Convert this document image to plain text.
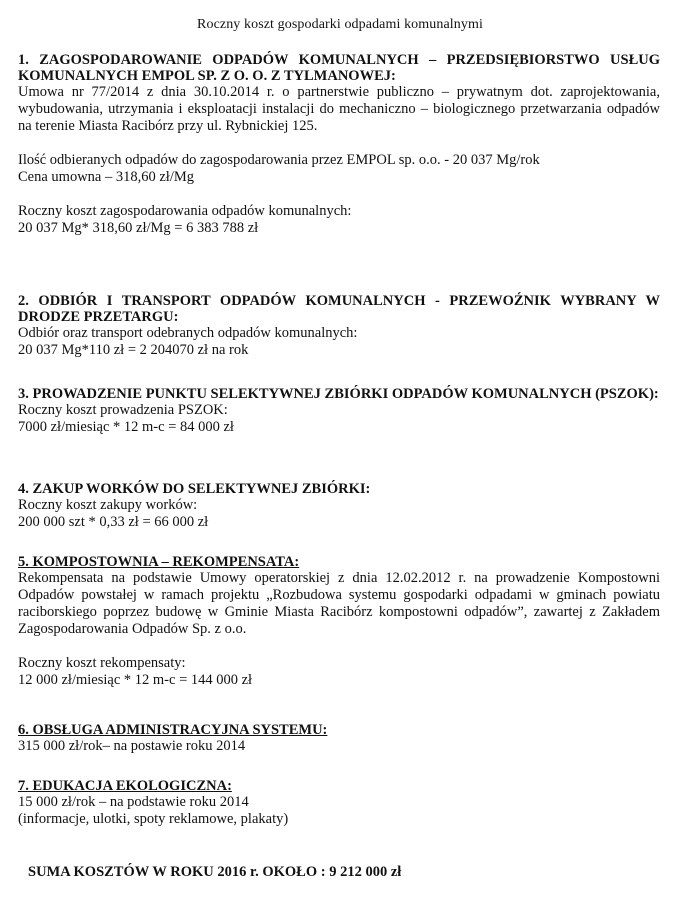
Roczny koszt gospodarki odpadami komunalnymi
1. ZAGOSPODAROWANIE ODPADÓW KOMUNALNYCH – PRZEDSIĘBIORSTWO USŁUG KOMUNALNYCH EMPOL SP. Z O. O. Z TYLMANOWEJ:
Umowa nr 77/2014 z dnia 30.10.2014 r. o partnerstwie publiczno – prywatnym dot. zaprojektowania, wybudowania, utrzymania i eksploatacji instalacji do mechaniczno – biologicznego przetwarzania odpadów na terenie Miasta Racibórz przy ul. Rybnickiej 125.
Ilość odbieranych odpadów do zagospodarowania przez EMPOL sp. o.o. - 20 037 Mg/rok
Cena umowna – 318,60 zł/Mg
Roczny koszt zagospodarowania odpadów komunalnych:
20 037 Mg* 318,60 zł/Mg = 6 383 788 zł
2. ODBIÓR I TRANSPORT ODPADÓW KOMUNALNYCH - PRZEWOŹNIK WYBRANY W DRODZE PRZETARGU:
Odbiór oraz transport odebranych odpadów komunalnych:
20 037 Mg*110 zł = 2 204070 zł na rok
3. PROWADZENIE PUNKTU SELEKTYWNEJ ZBIÓRKI ODPADÓW KOMUNALNYCH (PSZOK):
Roczny koszt prowadzenia PSZOK:
7000 zł/miesiąc * 12 m-c = 84 000 zł
4. ZAKUP WORKÓW DO SELEKTYWNEJ ZBIÓRKI:
Roczny koszt zakupy worków:
200 000 szt * 0,33 zł = 66 000 zł
5. KOMPOSTOWNIA – REKOMPENSATA:
Rekompensata na podstawie Umowy operatorskiej z dnia 12.02.2012 r. na prowadzenie Kompostowni Odpadów powstałej w ramach projektu „Rozbudowa systemu gospodarki odpadami w gminach powiatu raciborskiego poprzez budowę w Gminie Miasta Racibórz kompostowni odpadów”, zawartej z Zakładem Zagospodarowania Odpadów Sp. z o.o.
Roczny koszt rekompensaty:
12 000 zł/miesiąc * 12 m-c = 144 000 zł
6. OBSŁUGA ADMINISTRACYJNA SYSTEMU:
315 000 zł/rok– na postawie roku 2014
7. EDUKACJA EKOLOGICZNA:
15 000 zł/rok – na podstawie roku 2014
(informacje, ulotki, spoty reklamowe, plakaty)
SUMA KOSZTÓW W ROKU 2016 r. OKOŁO : 9 212 000 zł
